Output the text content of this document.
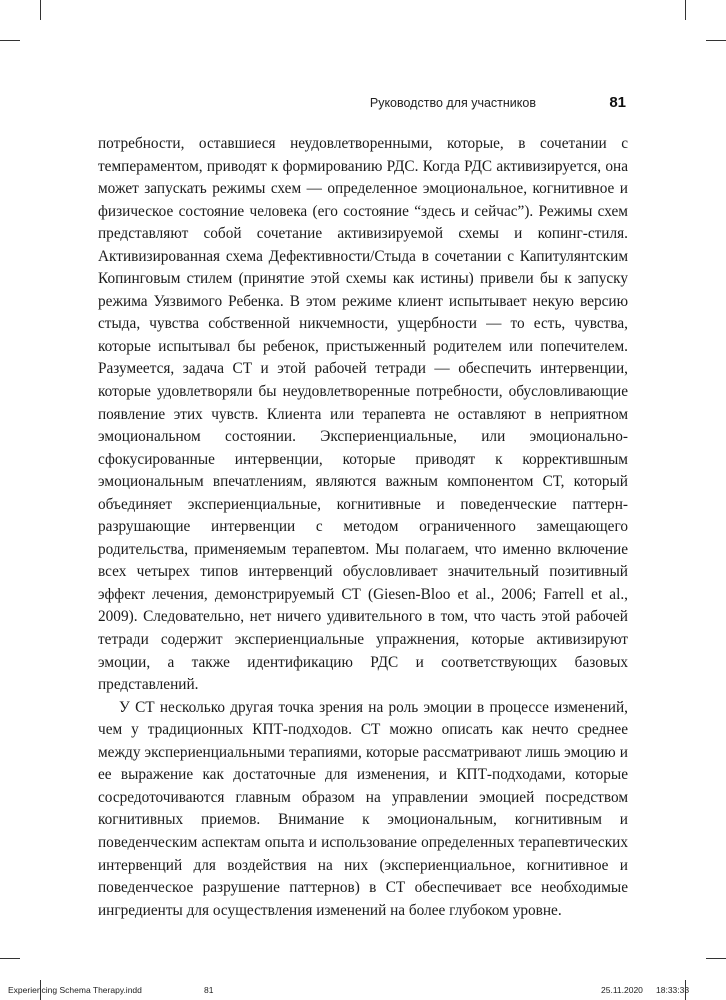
Руководство для участников	81

потребности, оставшиеся неудовлетворенными, которые, в сочетании с темпераментом, приводят к формированию РДС. Когда РДС активизируется, она может запускать режимы схем — определенное эмоциональное, когнитивное и физическое состояние человека (его состояние “здесь и сейчас”). Режимы схем представляют собой сочетание активизируемой схемы и копинг-стиля. Активизированная схема Дефективности/Стыда в сочетании с Капитулянтским Копинговым стилем (принятие этой схемы как истины) привели бы к запуску режима Уязвимого Ребенка. В этом режиме клиент испытывает некую версию стыда, чувства собственной никчемности, ущербности — то есть, чувства, которые испытывал бы ребенок, пристыженный родителем или попечителем. Разумеется, задача СТ и этой рабочей тетради — обеспечить интервенции, которые удовлетворяли бы неудовлетворенные потребности, обусловливающие появление этих чувств. Клиента или терапевта не оставляют в неприятном эмоциональном состоянии. Экспериенциальные, или эмоционально-сфокусированные интервенции, которые приводят к корректившным эмоциональным впечатлениям, являются важным компонентом СТ, который объединяет экспериенциальные, когнитивные и поведенческие паттерн-разрушающие интервенции с методом ограниченного замещающего родительства, применяемым терапевтом. Мы полагаем, что именно включение всех четырех типов интервенций обусловливает значительный позитивный эффект лечения, демонстрируемый СТ (Giesen-Bloo et al., 2006; Farrell et al., 2009). Следовательно, нет ничего удивительного в том, что часть этой рабочей тетради содержит экспериенциальные упражнения, которые активизируют эмоции, а также идентификацию РДС и соответствующих базовых представлений.

У СТ несколько другая точка зрения на роль эмоции в процессе изменений, чем у традиционных КПТ-подходов. СТ можно описать как нечто среднее между экспериенциальными терапиями, которые рассматривают лишь эмоцию и ее выражение как достаточные для изменения, и КПТ-подходами, которые сосредоточиваются главным образом на управлении эмоцией посредством когнитивных приемов. Внимание к эмоциональным, когнитивным и поведенческим аспектам опыта и использование определенных терапевтических интервенций для воздействия на них (экспериенциальное, когнитивное и поведенческое разрушение паттернов) в СТ обеспечивает все необходимые ингредиенты для осуществления изменений на более глубоком уровне.

Experiencing Schema Therapy.indd	81	25.11.2020 18:33:33
